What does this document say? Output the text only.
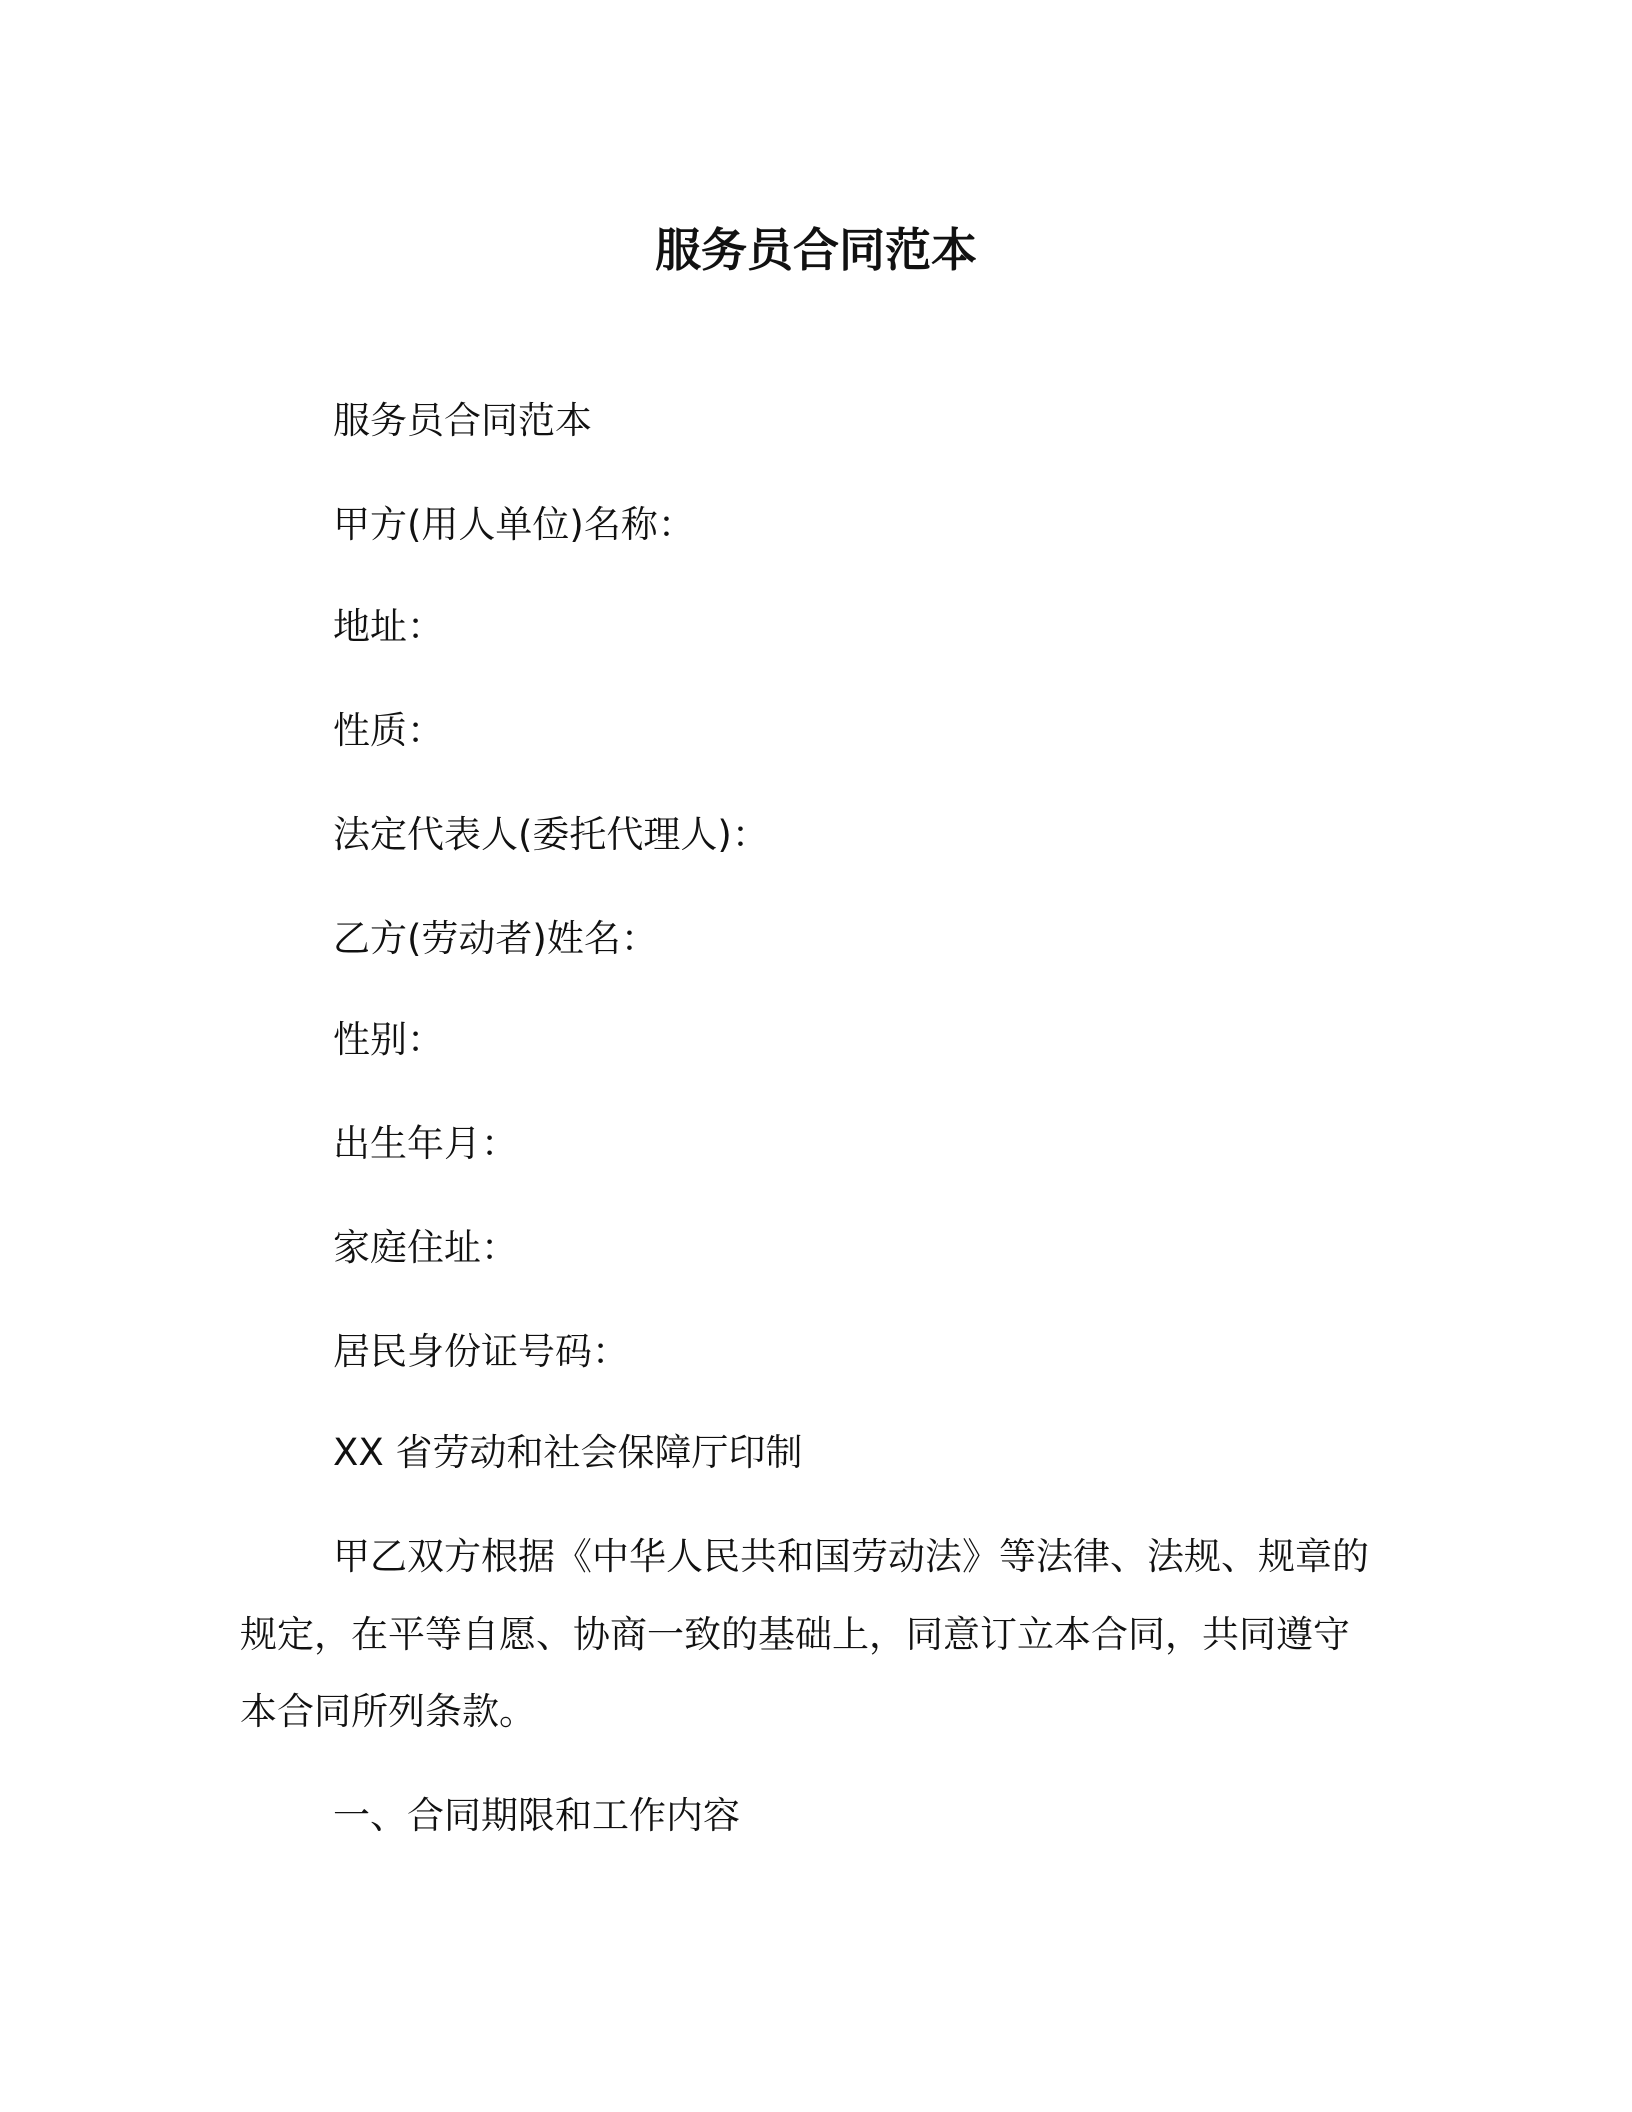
服务员合同范本
服务员合同范本
甲方(用人单位)名称：
地址：
性质：
法定代表人(委托代理人)：
乙方(劳动者)姓名：
性别：
出生年月：
家庭住址：
居民身份证号码：
XX 省劳动和社会保障厅印制
甲乙双方根据《中华人民共和国劳动法》等法律、法规、规章的
规定，在平等自愿、协商一致的基础上，同意订立本合同，共同遵守
本合同所列条款。
一、合同期限和工作内容
